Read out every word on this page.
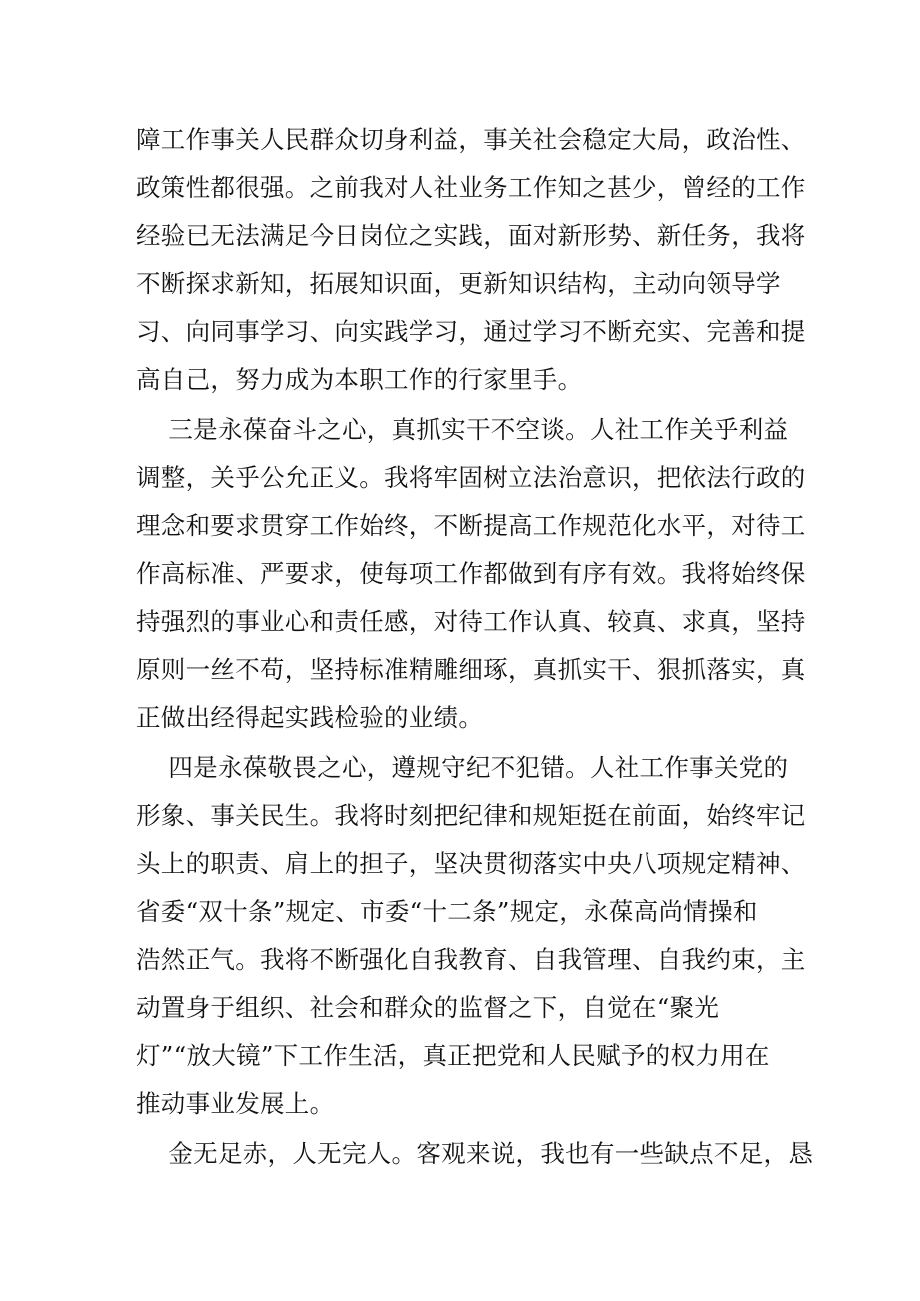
障工作事关人民群众切身利益，事关社会稳定大局，政治性、
政策性都很强。之前我对人社业务工作知之甚少，曾经的工作
经验已无法满足今日岗位之实践，面对新形势、新任务，我将
不断探求新知，拓展知识面，更新知识结构，主动向领导学
习、向同事学习、向实践学习，通过学习不断充实、完善和提
高自己，努力成为本职工作的行家里手。
三是永葆奋斗之心，真抓实干不空谈。人社工作关乎利益
调整，关乎公允正义。我将牢固树立法治意识，把依法行政的
理念和要求贯穿工作始终，不断提高工作规范化水平，对待工
作高标准、严要求，使每项工作都做到有序有效。我将始终保
持强烈的事业心和责任感，对待工作认真、较真、求真，坚持
原则一丝不苟，坚持标准精雕细琢，真抓实干、狠抓落实，真
正做出经得起实践检验的业绩。
四是永葆敬畏之心，遵规守纪不犯错。人社工作事关党的
形象、事关民生。我将时刻把纪律和规矩挺在前面，始终牢记
头上的职责、肩上的担子，坚决贯彻落实中央八项规定精神、
省委“双十条”规定、市委“十二条”规定，永葆高尚情操和
浩然正气。我将不断强化自我教育、自我管理、自我约束，主
动置身于组织、社会和群众的监督之下，自觉在“聚光
灯”“放大镜”下工作生活，真正把党和人民赋予的权力用在
推动事业发展上。
金无足赤，人无完人。客观来说，我也有一些缺点不足，恳
